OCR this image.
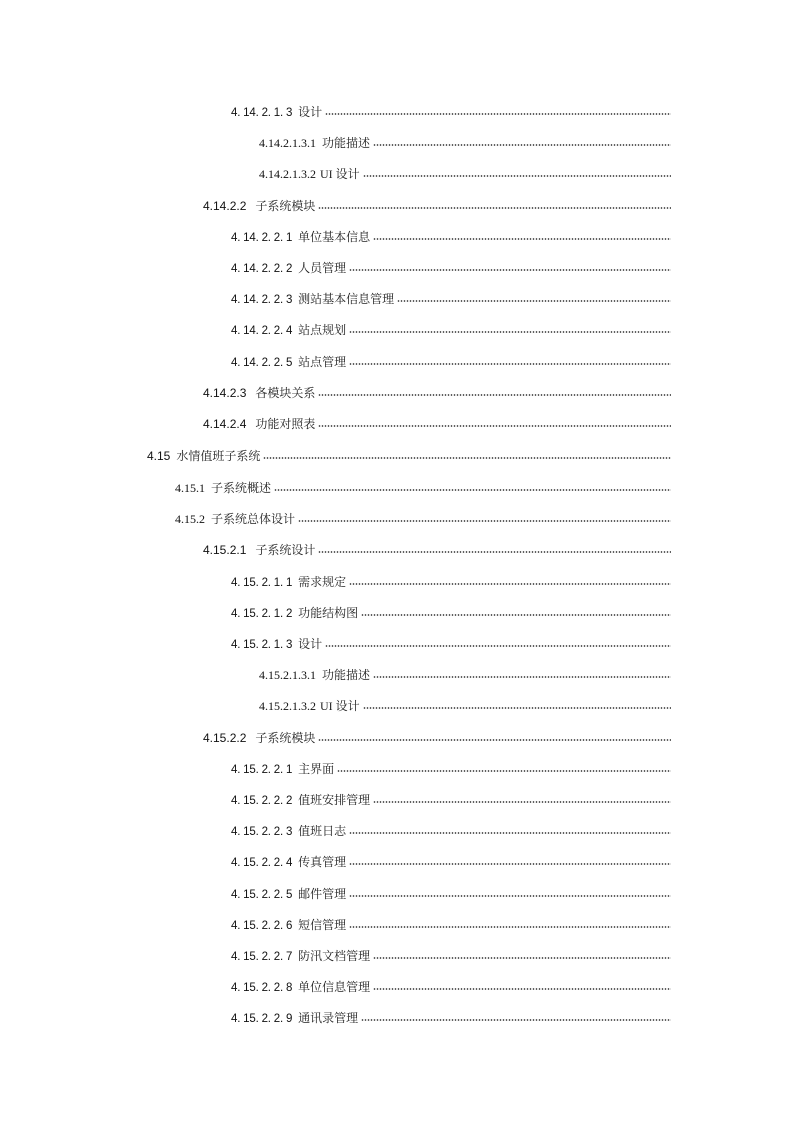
4. 14. 2. 1. 3 设计
4.14.2.1.3.1 功能描述
4.14.2.1.3.2 UI 设计
4.14.2.2 子系统模块
4. 14. 2. 2. 1 单位基本信息
4. 14. 2. 2. 2 人员管理
4. 14. 2. 2. 3 测站基本信息管理
4. 14. 2. 2. 4 站点规划
4. 14. 2. 2. 5 站点管理
4.14.2.3 各模块关系
4.14.2.4 功能对照表
4.15 水情值班子系统
4.15.1 子系统概述
4.15.2 子系统总体设计
4.15.2.1 子系统设计
4. 15. 2. 1. 1 需求规定
4. 15. 2. 1. 2 功能结构图
4. 15. 2. 1. 3 设计
4.15.2.1.3.1 功能描述
4.15.2.1.3.2 UI 设计
4.15.2.2 子系统模块
4. 15. 2. 2. 1 主界面
4. 15. 2. 2. 2 值班安排管理
4. 15. 2. 2. 3 值班日志
4. 15. 2. 2. 4 传真管理
4. 15. 2. 2. 5 邮件管理
4. 15. 2. 2. 6 短信管理
4. 15. 2. 2. 7 防汛文档管理
4. 15. 2. 2. 8 单位信息管理
4. 15. 2. 2. 9 通讯录管理
